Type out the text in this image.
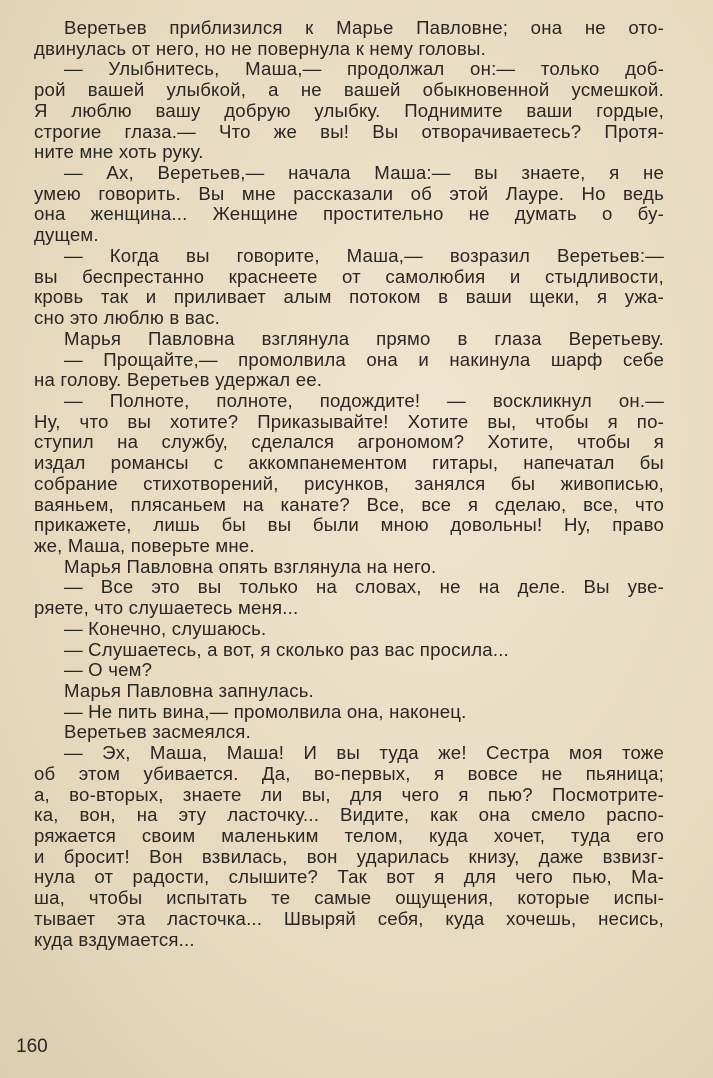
Веретьев приблизился к Марье Павловне; она не ото-
двинулась от него, но не повернула к нему головы.
— Улыбнитесь, Маша,— продолжал он:— только доб-
рой вашей улыбкой, а не вашей обыкновенной усмешкой.
Я люблю вашу добрую улыбку. Поднимите ваши гордые,
строгие глаза.— Что же вы! Вы отворачиваетесь? Протя-
ните мне хоть руку.
— Ах, Веретьев,— начала Маша:— вы знаете, я не
умею говорить. Вы мне рассказали об этой Лауре. Но ведь
она женщина... Женщине простительно не думать о бу-
дущем.
— Когда вы говорите, Маша,— возразил Веретьев:—
вы беспрестанно краснеете от самолюбия и стыдливости,
кровь так и приливает алым потоком в ваши щеки, я ужа-
сно это люблю в вас.
Марья Павловна взглянула прямо в глаза Веретьеву.
— Прощайте,— промолвила она и накинула шарф себе
на голову. Веретьев удержал ее.
— Полноте, полноте, подождите! — воскликнул он.—
Ну, что вы хотите? Приказывайте! Хотите вы, чтобы я по-
ступил на службу, сделался агрономом? Хотите, чтобы я
издал романсы с аккомпанементом гитары, напечатал бы
собрание стихотворений, рисунков, занялся бы живописью,
ваяньем, плясаньем на канате? Все, все я сделаю, все, что
прикажете, лишь бы вы были мною довольны! Ну, право
же, Маша, поверьте мне.
Марья Павловна опять взглянула на него.
— Все это вы только на словах, не на деле. Вы уве-
ряете, что слушаетесь меня...
— Конечно, слушаюсь.
— Слушаетесь, а вот, я сколько раз вас просила...
— О чем?
Марья Павловна запнулась.
— Не пить вина,— промолвила она, наконец.
Веретьев засмеялся.
— Эх, Маша, Маша! И вы туда же! Сестра моя тоже
об этом убивается. Да, во-первых, я вовсе не пьяница;
а, во-вторых, знаете ли вы, для чего я пью? Посмотрите-
ка, вон, на эту ласточку... Видите, как она смело распо-
ряжается своим маленьким телом, куда хочет, туда его
и бросит! Вон взвилась, вон ударилась книзу, даже взвизг-
нула от радости, слышите? Так вот я для чего пью, Ма-
ша, чтобы испытать те самые ощущения, которые испы-
тывает эта ласточка... Швыряй себя, куда хочешь, несись,
куда вздумается...
160
